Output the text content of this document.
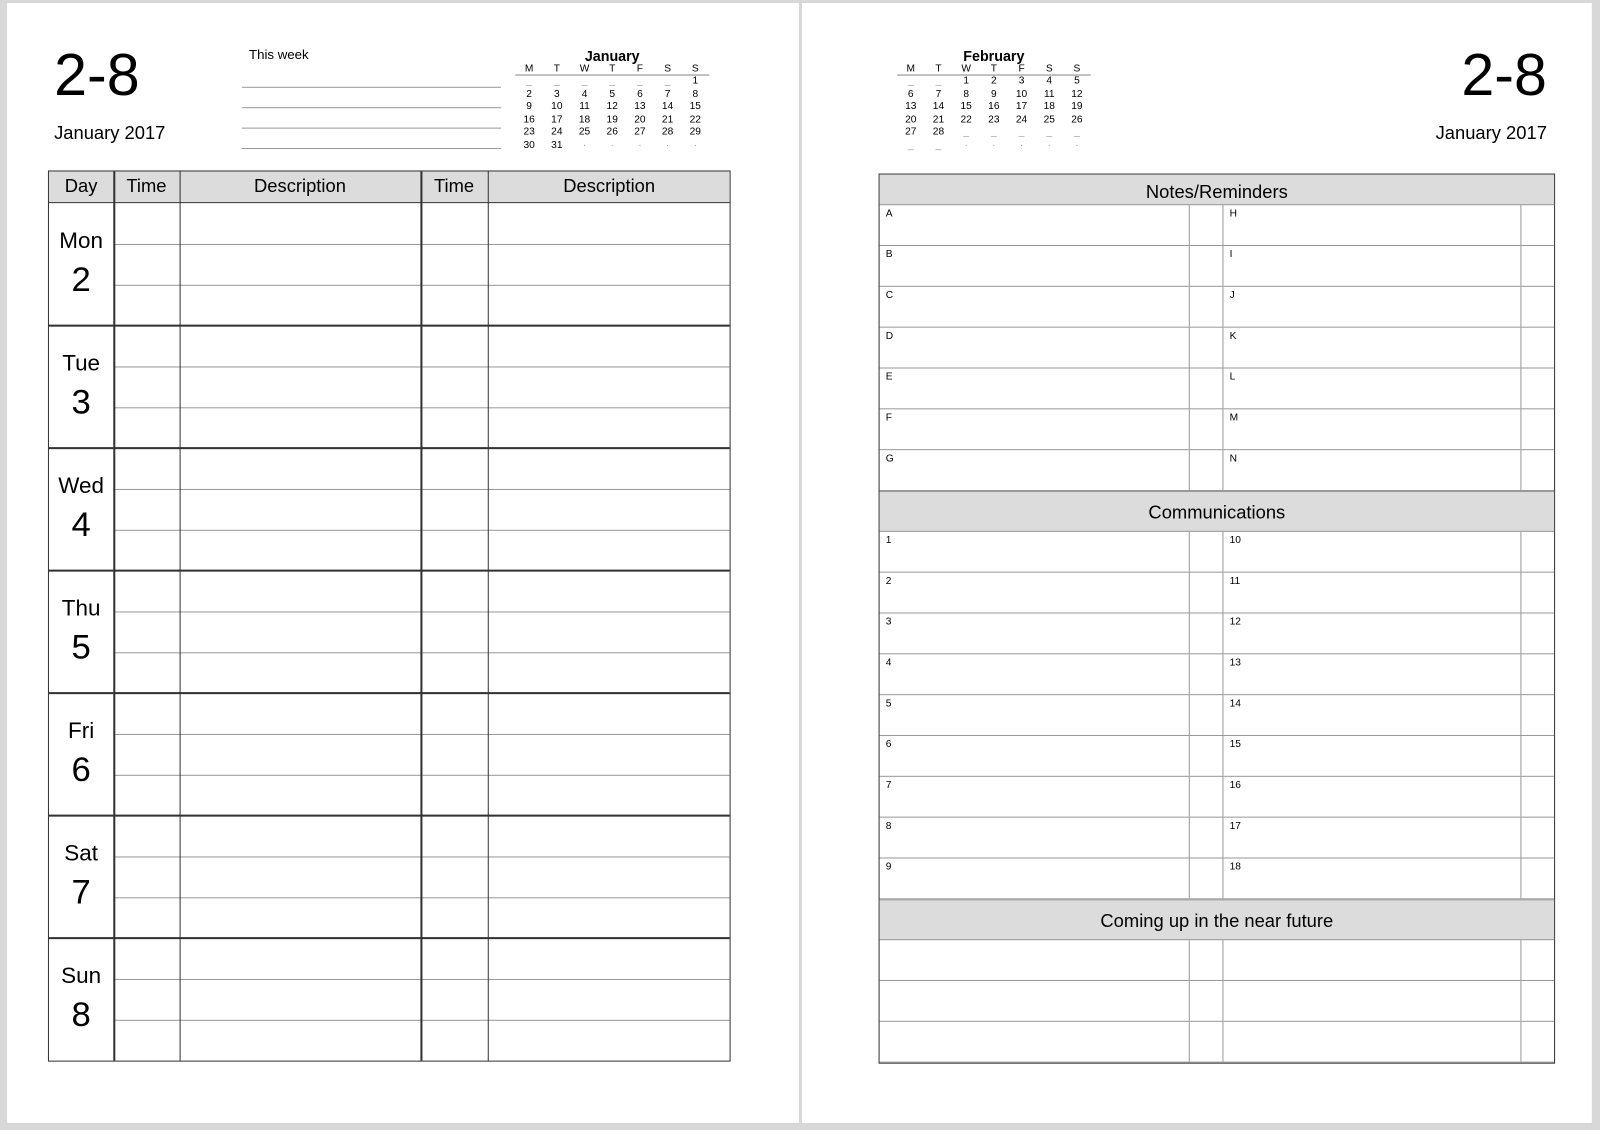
2-8
January 2017
This week	January
M	T	W	T	F	S	S
_	_	_	_	_	_	1
2	3	4	5	6	7	8
9	10	11	12	13	14	15
16	17	18	19	20	21	22
23	24	25	26	27	28	29
30	31	·	·	·	·	·
Day	Time	Description	Time	Description
Mon
2
Tue
3
Wed
4
Thu
5
Fri
6
Sat
7
Sun
8
February
M	T	W	T	F	S	S
_	_	1	2	3	4	5
6	7	8	9	10	11	12
13	14	15	16	17	18	19
20	21	22	23	24	25	26
27	28	_	_	_	_	_
_	_	·	·	·	·	·
2-8
January 2017
Notes/Reminders
A	H
B	I
C	J
D	K
E	L
F	M
G	N
Communications
1	10
2	11
3	12
4	13
5	14
6	15
7	16
8	17
9	18
Coming up in the near future
